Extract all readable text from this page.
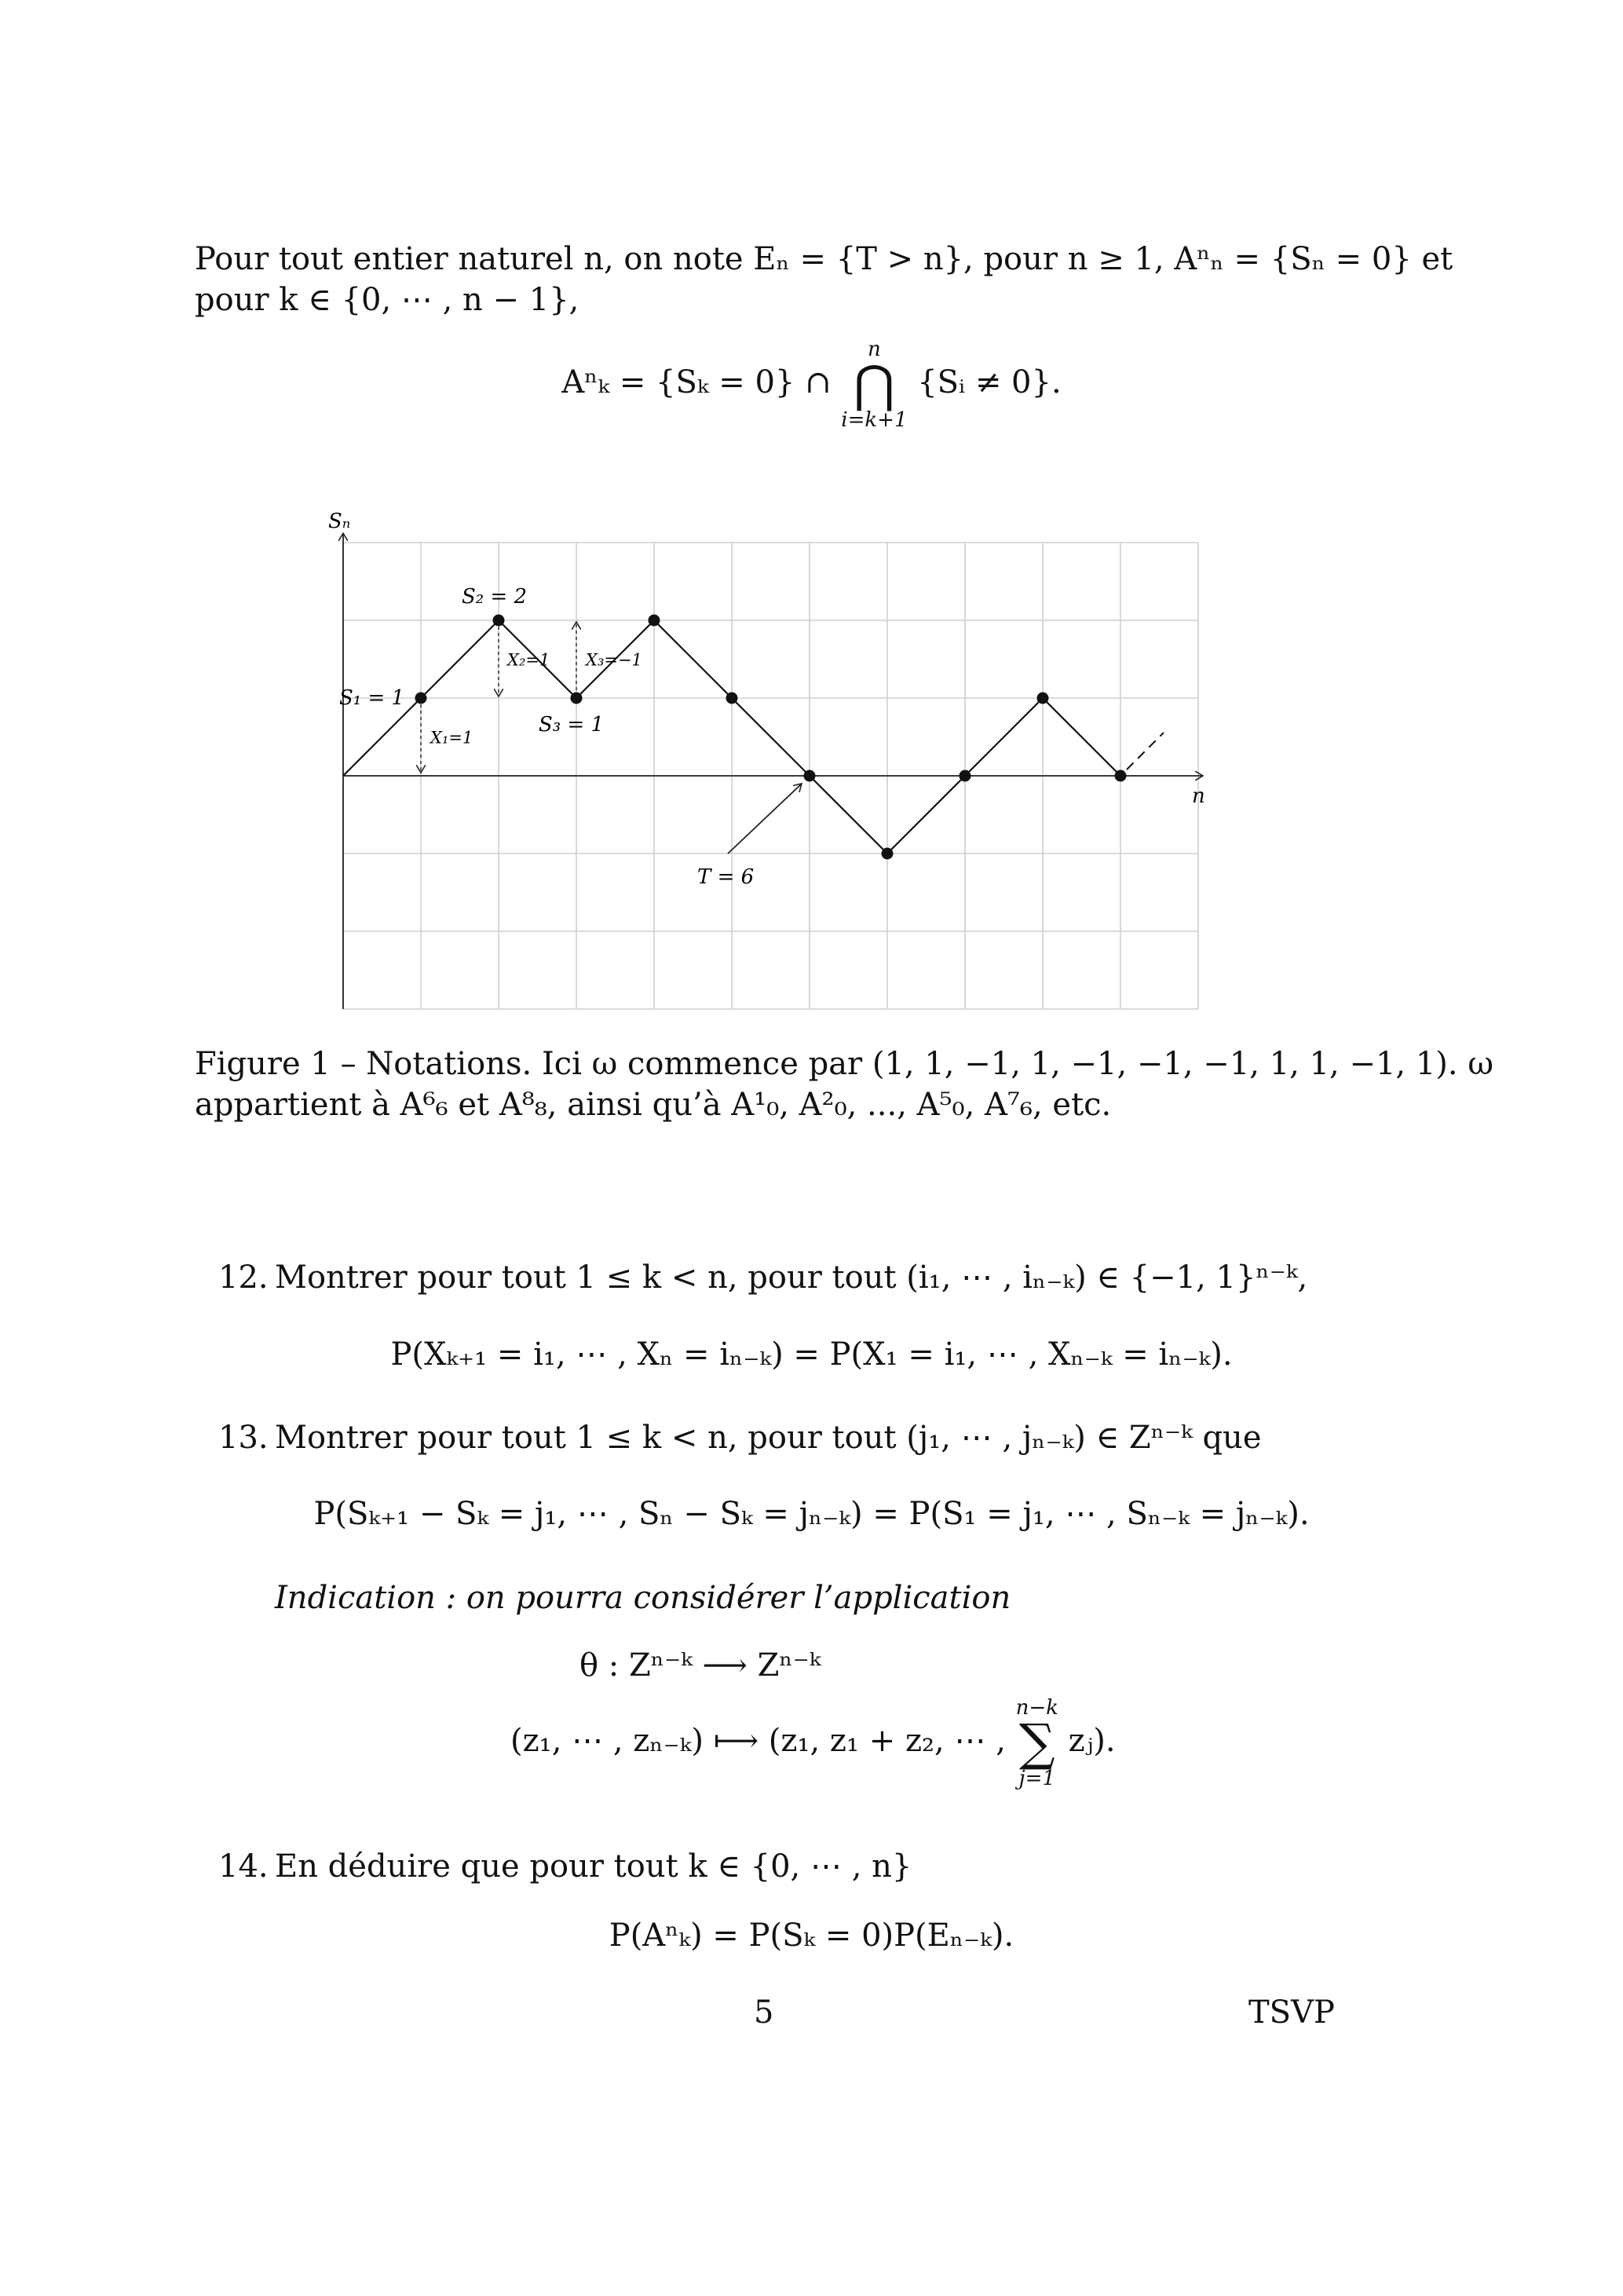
Pour tout entier naturel n, on note Eₙ = {T > n}, pour n ≥ 1, Aⁿₙ = {Sₙ = 0} et
pour k ∈ {0, ⋯ , n − 1},
Aⁿₖ = {Sₖ = 0} ∩
n
⋂
i=k+1
{Sᵢ ≠ 0}.
Sₙ
n
S₁ = 1
S₂ = 2
S₃ = 1
X₁=1
X₂=1 X₃=−1
T = 6
Figure 1 – Notations. Ici ω commence par (1, 1, −1, 1, −1, −1, −1, 1, 1, −1, 1). ω
appartient à A⁶₆ et A⁸₈, ainsi qu’à A¹₀, A²₀, ..., A⁵₀, A⁷₆, etc.
12. Montrer pour tout 1 ≤ k < n, pour tout (i₁, ⋯ , iₙ₋ₖ) ∈ {−1, 1}ⁿ⁻ᵏ,
P(Xₖ₊₁ = i₁, ⋯ , Xₙ = iₙ₋ₖ) = P(X₁ = i₁, ⋯ , Xₙ₋ₖ = iₙ₋ₖ).
13. Montrer pour tout 1 ≤ k < n, pour tout (j₁, ⋯ , jₙ₋ₖ) ∈ Zⁿ⁻ᵏ que
P(Sₖ₊₁ − Sₖ = j₁, ⋯ , Sₙ − Sₖ = jₙ₋ₖ) = P(S₁ = j₁, ⋯ , Sₙ₋ₖ = jₙ₋ₖ).
Indication : on pourra considérer l’application
θ : Zⁿ⁻ᵏ ⟶ Zⁿ⁻ᵏ
(z₁, ⋯ , zₙ₋ₖ) ⟼ (z₁, z₁ + z₂, ⋯ ,
n−k
∑
j=1
zⱼ).
14. En déduire que pour tout k ∈ {0, ⋯ , n}
P(Aⁿₖ) = P(Sₖ = 0)P(Eₙ₋ₖ).
5	TSVP
